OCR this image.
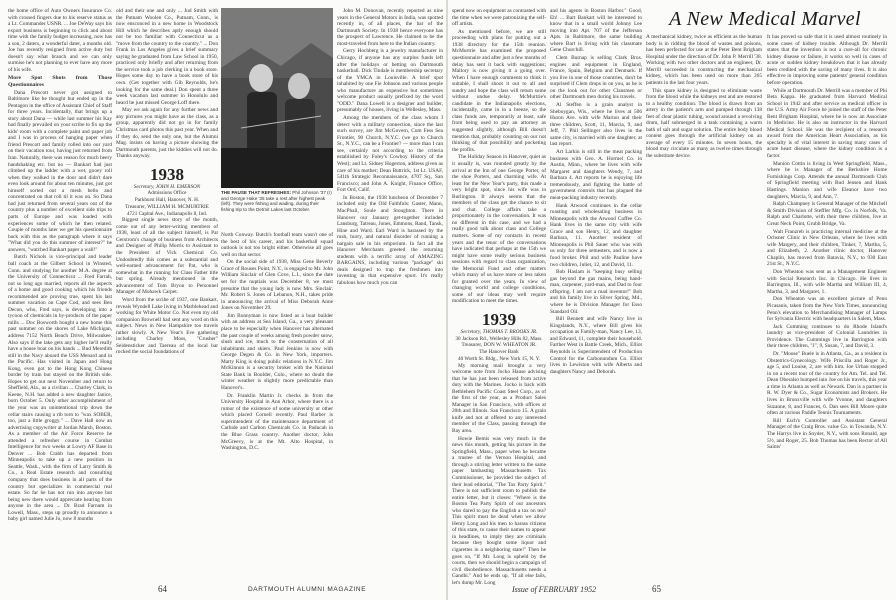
the home office of Auto Owners Insurance Co. with crossed fingers due to his reserve status as a Lt. Commander USNR. ... Joe DeWay says his export business is beginning to click and about time with the family budget increasing, now has a son, 2 daters, a wonderful dater, a months old. Joe has recently resigned from active duty but doesn't say what branch and we can only surmise he's not planning to ever have any more of his wife.

More Spot Shots from Those Questionnaires

Dana Prescott never got assigned to Baltimore like he thought but ended up in the Pentagon in the office of Assistant Chief of Staff for three years. Incidentally, that brings up a story about Dana — while last summer his Kay had finally prevailed on your scribe to fix up the kids' room with a complete paint and paper job and I was in process of hanging paper when friend Prescott and family rolled into our yard on their vacation tour, having just returned from Iran. Naturally, there was reason for much beery handshaking etc. but no — Bankart had just climbed up the ladder with a wet, gooey roll when they walked in the door and didn't dare even look around for about ten minutes, just got himself sorted out a mesh hello and concentrated on that roll til it was on. So Dana had just returned from several years out of the country plus a number of excellent side trips to parts of Europe and was loaded with experiences some of which he then related. Couple of months later we get his questionnaire back with this as the paragraph where it says "What did you do this summer of interest?" he answers, "watched Bankart paper a wall!"

Butch Nichols is vice-principal and leader ball coach at the Gilbert School in Winsted, Conn. and studying for another M.A. degree at the University of Connecticut ... Fred Farrah, not so long ago married, reports all the aspects of a home and good cooking which his friends recommended are proving true, spent his last summer vacation on Cape Cod, and sees Ben Decon, who, Fred says, is developing into a tycoon of chemicals in by-products of the paper mills ... Doc Bosworth bought a new home this past summer on the shores of Lake Michigan, address 7152 North Beach Drive, Milwaukee. Also says if the lake gets any higher he'll really have a house boat on his hands ... Bud Meredith still in the Navy aboard the USS Menard and in the Pacific. Has visited in Japan and Hong Kong, even got to the Hong Kong Chinese border by train but stayed on the British side. Hopes to get out next November and return to Sheffield, Ala., as a civilian ... Charley Clark, in Keene, N.H. has added a new daughter Janice, born October 5. Only other accomplishment of the year was an unintentional trip down the cellar stairs causing a rib torn to "wax SOBER, too, just a little groggy." ... Dave Hall now an advertising copywriter at Jordan Marsh, Boston. As a member of the Air Force Reserve he attended a refresher course in Combat Intelligence for two weeks at Lowry AF Base in Denver ... Bob Crabb has departed from Minneapolis to take up a new position in Seattle, Wash., with the firm of Larry Smith & Co., a Real Estate research and consulting company that does business in all parts of the country but specializes in commercial real estate. So far he has not run into anyone but being new there would appreciate hearing from anyone in the area ... Dr. Brad Farnum in Lowell, Mass., steps up proudly to announce a baby girl named Julie Jo, now 8 months

old and their one and only ... Jud Smith with the Putnam Woolen Co., Putnam, Conn., is now ensconced in a new home in Woodstock Hill which he describes aptly enough should not be too familiar with Connecticut as a "move from the country to the country." ... Don Frank in Los Angeles gives a brief summary saying he graduated from Law School in 1950, practiced only briefly and after returning from the service took a job clerking in a book store. Hopes some day to have a book store of his own. (Get together with Gib Reynolds, he's looking for the same deal.) Don spent a three week vacation last summer in Honolulu and heard he just missed George Loff there.

May we ask again for any further news and any pictures you might have as the class, as a group, apparently did not go in for family Christmas card photos this past year. When and if they do, send the only one, but the Alumni Mag. insists on having a picture showing the Dartmouth parents, just the kiddies will not do. Thanks anyway.

1938
Secretary, JOHN H. EMERSON
Admissions Office
Parkhurst Hall, Hanover, N. H.
Treasurer, WILLIAM H. MCMURTRIE
4721 Capital Ave., Indianapolis 8, Ind.

Biggest single news story of the month, come out of any letter-writing members of 1938, least of all the subject himself, is Pat Gerstrom's change of business from Architects and Designer of Philip Morris to Assistant to the President of Vick Chemical Co. Undoubtedly this comes as a substantial and well-earned advancement for Pat, who is somewhat in the running for Class Father title but spring. Already mentioned in the advancement of Tom Bryon to Personnel Manager of Mohawk Carpet.

Word from the scribe of 1937, one Bankart, reveals Wyndell Lake living in Marblehead and working for White Motor Co. Not even my old companion Brownell had sent any word on this subject. News in New Hampshire too travels rather slowly. A New Year's Eve gathering including Charley Moss, "Crusher" Seidensticker and Taereau of the local bar rocked the social foundations of

THE PAUSE THAT REFRESHES: Phil Johnson '37 (r) and George Hake '35 take a rest after highest peak (left). They were fishing and wading, during their fishing trip to the Detroit Lakes last October.

North Conway. Butch's football team wasn't one of the best of his career, and his basketball squad outlook is not too bright either. Otherwise all goes well on that sector.

On the social side of 1938, Miss Gene Beverly Grace of Rouses Point, N.Y., is engaged to Mr. John William Sinclair of Glen Cove, L.I., since the date set for the nuptials was December 8, we must presume that the young lady is now Mrs. Sinclair. Mr. Robert S. Jones of Lebanon, N.H., takes pride in announcing the arrival of Miss Deborah Anne Jones on November 29.

Jim Bonnyman is now listed as a boat builder with an address at Sea Island, Ga., a very pleasant place to be especially when Hanover has alternated the past couple of weeks among fresh powder snow, slush and ice, much to the consternation of all inhabitants and skiers. Paul Jenkins is now with George Degen & Co. in New York, importers. Marty King is doing public relations in N.Y.C. Jim McKinnon is a security broker with the National State Bank in Boulder, Colo., where no doubt the winter weather is slightly more predictable than Hanover's.

Dr. Franklin Martin Jr. checks in from the University Hospital in Ann Arbor, where there is a rumor of the existence of some university or other which placed Cornell recently. Paul Barber is superintendent of the maintenance department of Carbide and Carbon Chemicals Co. in Paducah in the Blue Grass country. Another doctor, John McGreevy, is at the Mt. Alto Hospital, in Washington, D.C.

John M. Donovan, recently reported as nine years in the General Motors in India, was spotted recently in, of all places, the bar of the Dartmouth Society. In 1938 hence everyone has the prospect of Lawrence. He claimed to be the most-traveled from here to the Indian country.

Gerry Hochberg is a jewelry manufacturer in Chicago, if anyone has any surplus funds left after the holidays or betting on Dartmouth basketball. Dick Tindale is membership secretary of the YMCA in Louisville. A brief spot inhabited by one Fie Johnson and various people who manufacture an expensive but sometimes welcome product usually prefixed by the word "ODD." Dana Lowell is a designer and builder, presumably of houses, living in Wellesley, Mass.

Among the members of the class whom I detect with a military connection, since the last such survey, are Jim McGovern, Com Fess Sea Frontier, 90 Church, N.Y.C. (we go to Church St., N.Y.C., can be a Frontier? — more than I can see, certainly not according to the criteria established by Foley's Cowboy History of the West); and Lt. Sidney Hogerton, address given as care of his mother; Dean Buttrick, 1st Lt. USAF, 541th Strategic Reconnaissance, 4707 Sq., San Francisco; and John A. Knight, Finance Office, Fort Ord, Calif.

In Boston, the 1938 luncheon of December 7 included only the Old Faithfuls: Gaster, Mann, MacPhail, Soule and Stoughton. There in Hanover our January get-together included Lansburg, Tatreau, Jones, Emmons, Rand, Tansk, Hine and Ward. Earl Ward is harassed by the rush, hurry, and natural disorder of running a bargain sale in his emporium. In fact all the Hanover Merchants greeted the returning students with a terrific array of AMAZING BARGAINS, including various "package" ski deals designed to trap the freshmen into investing in that expensive sport. It's really fabulous how much you can

64	DARTMOUTH ALUMNI MAGAZINE

spend now on equipment as contrasted with the time when we were patronizing the self-off artists.

As mentioned before, we are still proceeding with plans for putting out a 1938 directory for the 15th reunion. McMurtrie has examined the proposed questionnaire and after just a few months of delay has sent it back with suggestions; Mallory is now giving it a going over. When I have enough comments to think it suitable, I shall shoot it out to all and sundry and hope the class will return some without undue delay. McMurtrie's candidate in the Indianapolis elections, incidentally, came in in a breeze, so the class funds are, temporarily at least, safe from being used to pay an attorney as suggested slightly, although Bill doesn't mention that, probably counting on our not thinking of that possibility and pocketing the profits.

The Holiday Season in Hanover, quiet as it usually is, was rounded greatly by the arrival at the Inn of one George Porter, of the shoe Porters, and charming wife. At least for the New Year's party, this made a very bright spot, since his wife was in Burlington. It always seems that the members of the class get the chance to sit and chat. College affairs take a proportionately in the conversation. It was no different in this case, and we had a really good talk about class and College matters. Some of my contacts in recent years and the tenor of the conversations have indicated that perhaps at the 15th we might have some really serious business sessions with regard to class organization, the Memorial Fund and other matters which many of us have more or less taken for granted over the years. In view of changing world and college conditions, some of our ideas may well require modification to meet the times.

1939
Secretary, THOMAS T. BROOKS JR.
30 Jackson Rd., Wellesley Hills 82, Mass.
Treasurer, DON W. WHEATON JR.
The Hanover Bank
40 Worth St. Bldg., New York 15, N. Y.

My morning mail brought a very welcome note from Jocko Hause advising that he has just been released from active duty with the Marines. Jocko is back with Bethlehem Pacific Coast Steel Corp., as of the first of the year, as a Product Sales Manager in San Francisco, with offices at 20th and Illinois. San Francisco 15. A grain knife and not at offered to any interested member of the Class, passing through the Bay area.

Howie Bemis was very much in the news this month, getting his picture in the Springfield, Mass., paper when he became a trustee of the Vernon Hospital, and through a stirring letter written to the same paper lambasting Massachusetts Tax Commissioner, he provided the subject of their lead editorial, "The Tax Party Spirit." There is not sufficient room to publish the entire letter, but it closes: "Where is the Boston Tea Party Spirit of our ancestors who dared to pay the English a tax on tea? This spirit must be dead when we allow Henry Long and his men to harass citizens of this state, to cause their names to appear in headlines, to imply they are criminals because they bought some liquor and cigarettes in a neighboring state!" Then he goes on, "If Mr. Long is upheld by the courts, then we should begin a campaign of civil disobedience. Massachusetts needs a Gandhi." And he ends up, "If all else fails, let's dump Mr. Long

and his agents in Boston Harbor." Good, Eh! ... Bart Bankart will be interested to know that in a small world Johnny Lee moving into Apt. 707 of the Jefferson Apts. in Baltimore, the same building where Bart is living with his classmate Gene Churchill.

Clem Burnap is selling Clark Bros. engines and equipment in England, France, Spain, Belgium and Denmark. If you live in one of those countries, don't be surprised if Clem drops in on you, as he is on the look out for other Clansmen or other Dartmouth men during his travels.

Al Steffen is a grain analyst in Sheboygan, Wis., where he lives at 506 Huron Ave. with wife Marion and their three children, Scott, 11, Marcia, 9, and Jeff, 7. Phil Sellinger also lives in the same city, is married with one daughter, at last report.

Art Larkin is still in the meat packing business with Geo. A. Hormel Co. in Austin, Minn., where he lives with wife Margaret and daughters Wendy, 7, and Barbara 4. Art reports he is enjoying life tremendously, and fighting the battle of government controls that has plagued the meat-packing industry recently.

Hank Atwood continues in the cellar roasting and wholesaling business in Minneapolis with the Atwood Coffee Co. Hank lives in the same city with wife Grace and son Henry, 12, and daughter Barbara, 11. Another resident of Minneapolis is Phil Sauer who was with us only for three semesters, and is now a food broker. Phil and wife Pauline have two children, Juliet, 12, and David, 11.

Bob Haslam is "keeping busy selling gas beyond the gas mains, being hand-man, carpenter, yard-man, and Dad to four offspring. I am not a mad inventor!" Bob and his family live in Silver Spring, Md., where he is Division Manager for Esso Standard Oil.

Bill Bennett and wife Nancy live in Kingslands, N.Y., where Bill gives his occupation as Family-man, Nancy Lee, 13, and Edward, 11, complete their household. Farther West in Battle Creek, Mich., Elliot Reynolds is Superintendent of Production Control for the Carbonundum Co. Elliot lives in Lewiston with wife Alberta and daughters Nancy and Deborah.

A New Medical Marvel

A mechanical kidney, twice as efficient as the human body is in ridding the blood of wastes and poisons, has been perfected for use at the Peter Bent Brigham Hospital under the direction of Dr. John P. Merrill '38. Working with two other doctors and an engineer, Dr. Merrill succeeded in constructing the mechanical kidney, which has been used on more than 265 patients in the last four years.

This spare kidney is designed to eliminate waste from the blood while the kidneys rest and are restored to a healthy condition. The blood is drawn from an artery in the patient's arm and pumped through 138 feet of clear plastic tubing, wound around a revolving drum, half submerged in a tank containing a warm bath of salt and sugar solution. The entire body blood content goes through the artificial kidney on an average of every 15 minutes. In seven hours, the blood may circulate as many as twelve times through the substitute device.

It has proved so safe that it is used almost routinely in some cases of kidney trouble. Although Dr. Merrill states that the invention is not a cure-all for chronic kidney disease or failure, it works so well in cases of acute or sudden kidney breakdown that it has already been credited with the saving of many lives. It is also effective in improving some patients' general condition before operation.

While at Dartmouth Dr. Merrill was a member of Phi Beta Kappa. He graduated from Harvard Medical School in 1942 and after service as medical officer in the U.S. Army Air Force he joined the staff of the Peter Bent Brigham Hospital, where he is now an Associate in Medicine. He is also an instructor in the Harvard Medical School. He was the recipient of a research award from the American Heart Association, as his specialty is of vital interest in saving many cases of acute heart disease, where the kidney condition is a factor.

Manion Cottin is living in West Springfield, Mass., where he is Manager of the Berkshire Home Furnishings Corp. Attends the annual Dartmouth Club of Springfield meeting with Bud Jensen and Hank Hastings. Manion and wife Eleanor have two daughters, Marcia, 9, and Ann, 7.

Ralph Champney is General Manager of the Mitchell & Smith Division of Steffler Mfg. Co. in Norfolk, Va. Ralph and Charlotte, with their three children, live at Great Neck Point, Grubb Bridge, Va.

Walt Franzreb is practicing internal medicine at the Ochsner Clinic in New Orleans, where he lives with wife Margery, and their children, Tinker, 7, Martha, 5, and Elizabeth, 2. Another clinic doctor, Hanover Chaplin, has moved from Batavia, N.Y., to 930 East 21st St., N.Y.C.

Don Wheaton was sent as a Management Engineer with Social Research Inc. in Chicago. He lives in Barrington, Ill., with wife Martha and William III, 4, Martha, 3, and Margaret, 1.

Don Wheaton was an excellent picture of Penn Picasanis, taken from the New York Times, announcing Penn's elevation to Merchandising Manager of Lamps for Sylvania Electric with headquarters in Salem, Mass.

Jack Cumming continues to do Rhode Island's laundry as vice-president of Colonial Laundries in Providence. The Cummings live in Barrington with their three children, "J", 9, Susan, 7, and David, 3.

Dr. "Moose" Buele is in Atlanta, Ga., as a resident in Obstetrics-Gynecology. Wife Priscilla and Roger Jr., age 5, and Louise, 2, are with him. Joe Urban stopped in on a recent tour of the country for Am. Tel. and Tel. Dean Oberalso bumped into Joe on his travels, this year a time in Atlanta as well as Newark. Dan is a partner in R. W. Dyer & Co., Sugar Economists and Brokers. He lives in Bronxville with wife Yvonne, and daughters Suzanne, 8, and Frances, 6. Dan sees Bill Moore quite often at various Paddle Tennis Tournaments.

Bill Esch's Controller and Assistant General Manager of the Craig Bros. value Co. in Towanda, N.Y. The Harrys live in Snyder, N.Y., with sons Ronald, age 5½, and Roger, 25. Bob Thomas has been Rector of All Saints'

Issue of FEBRUARY 1952	65
